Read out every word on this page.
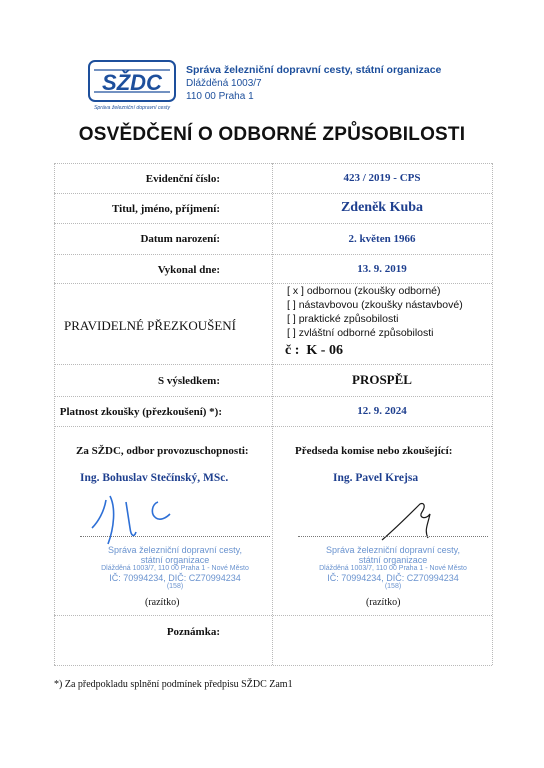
SŽDC
Správa železniční dopravní cesty
Správa železniční dopravní cesty, státní organizace
Dlážděná 1003/7
110 00 Praha 1
OSVĚDČENÍ O ODBORNÉ ZPŮSOBILOSTI
Evidenční číslo:	423 / 2019 - CPS
Titul, jméno, příjmení:	Zdeněk Kuba
Datum narození:	2. květen 1966
Vykonal dne:	13. 9. 2019
PRAVIDELNÉ PŘEZKOUŠENÍ
[ x ] odbornou (zkoušky odborné)
[ ] nástavbovou (zkoušky nástavbové)
[ ] praktické způsobilosti
[ ] zvláštní odborné způsobilosti
č : K - 06
S výsledkem:	PROSPĚL
Platnost zkoušky (přezkoušení) *):	12. 9. 2024
Za SŽDC, odbor provozuschopnosti:	Předseda komise nebo zkoušející:
Ing. Bohuslav Stečínský, MSc.	Ing. Pavel Krejsa
Správa železniční dopravní cesty,
státní organizace
Dlážděná 1003/7, 110 00 Praha 1 - Nové Město
IČ: 70994234, DIČ: CZ70994234
(158)
Správa železniční dopravní cesty,
státní organizace
Dlážděná 1003/7, 110 00 Praha 1 - Nové Město
IČ: 70994234, DIČ: CZ70994234
(158)
(razítko)	(razítko)
Poznámka:
*) Za předpokladu splnění podmínek předpisu SŽDC Zam1
